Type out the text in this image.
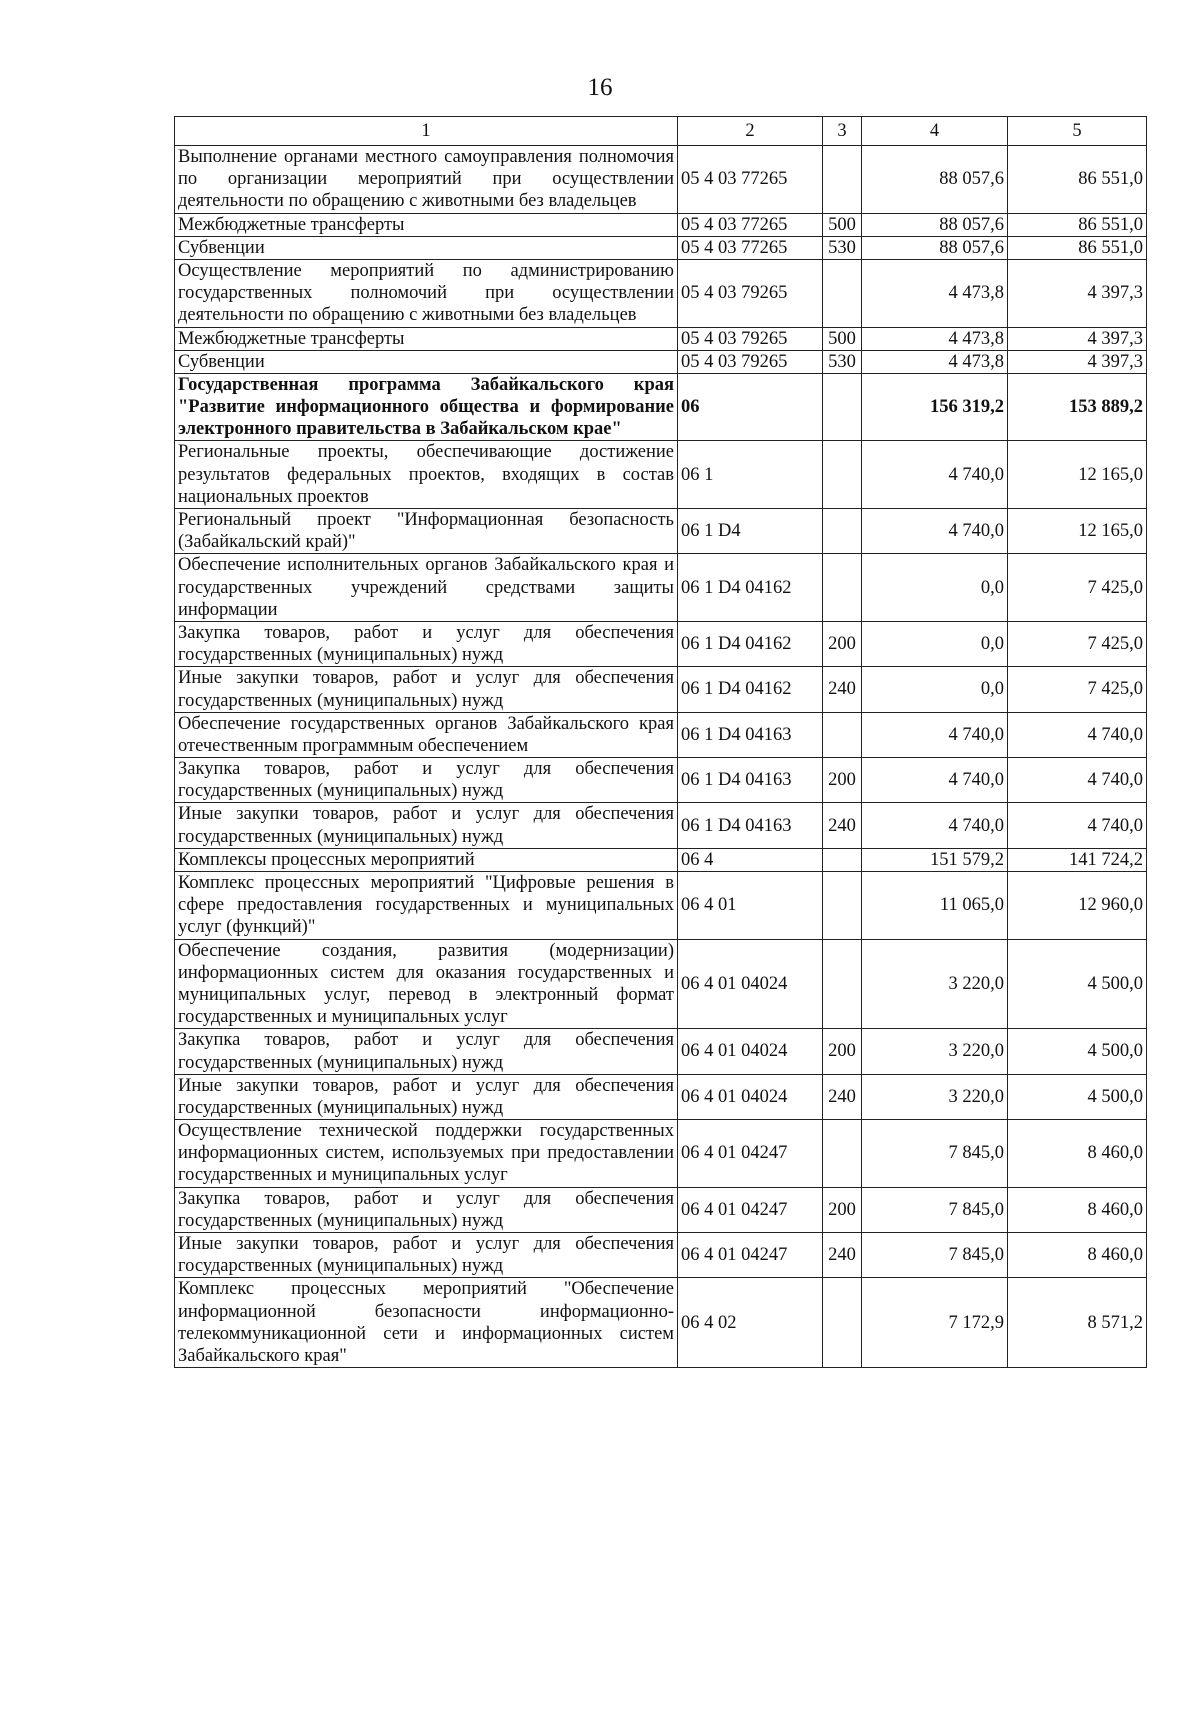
16
1	2	3	4	5
Выполнение органами местного самоуправления полномочия по организации мероприятий при осуществлении деятельности по обращению с животными без владельцев	05 4 03 77265		88 057,6	86 551,0
Межбюджетные трансферты	05 4 03 77265	500	88 057,6	86 551,0
Субвенции	05 4 03 77265	530	88 057,6	86 551,0
Осуществление мероприятий по администрированию государственных полномочий при осуществлении деятельности по обращению с животными без владельцев	05 4 03 79265		4 473,8	4 397,3
Межбюджетные трансферты	05 4 03 79265	500	4 473,8	4 397,3
Субвенции	05 4 03 79265	530	4 473,8	4 397,3
Государственная программа Забайкальского края "Развитие информационного общества и формирование электронного правительства в Забайкальском крае"	06		156 319,2	153 889,2
Региональные проекты, обеспечивающие достижение результатов федеральных проектов, входящих в состав национальных проектов	06 1		4 740,0	12 165,0
Региональный проект "Информационная безопасность (Забайкальский край)"	06 1 D4		4 740,0	12 165,0
Обеспечение исполнительных органов Забайкальского края и государственных учреждений средствами защиты информации	06 1 D4 04162		0,0	7 425,0
Закупка товаров, работ и услуг для обеспечения государственных (муниципальных) нужд	06 1 D4 04162	200	0,0	7 425,0
Иные закупки товаров, работ и услуг для обеспечения государственных (муниципальных) нужд	06 1 D4 04162	240	0,0	7 425,0
Обеспечение государственных органов Забайкальского края отечественным программным обеспечением	06 1 D4 04163		4 740,0	4 740,0
Закупка товаров, работ и услуг для обеспечения государственных (муниципальных) нужд	06 1 D4 04163	200	4 740,0	4 740,0
Иные закупки товаров, работ и услуг для обеспечения государственных (муниципальных) нужд	06 1 D4 04163	240	4 740,0	4 740,0
Комплексы процессных мероприятий	06 4		151 579,2	141 724,2
Комплекс процессных мероприятий "Цифровые решения в сфере предоставления государственных и муниципальных услуг (функций)"	06 4 01		11 065,0	12 960,0
Обеспечение создания, развития (модернизации) информационных систем для оказания государственных и муниципальных услуг, перевод в электронный формат государственных и муниципальных услуг	06 4 01 04024		3 220,0	4 500,0
Закупка товаров, работ и услуг для обеспечения государственных (муниципальных) нужд	06 4 01 04024	200	3 220,0	4 500,0
Иные закупки товаров, работ и услуг для обеспечения государственных (муниципальных) нужд	06 4 01 04024	240	3 220,0	4 500,0
Осуществление технической поддержки государственных информационных систем, используемых при предоставлении государственных и муниципальных услуг	06 4 01 04247		7 845,0	8 460,0
Закупка товаров, работ и услуг для обеспечения государственных (муниципальных) нужд	06 4 01 04247	200	7 845,0	8 460,0
Иные закупки товаров, работ и услуг для обеспечения государственных (муниципальных) нужд	06 4 01 04247	240	7 845,0	8 460,0
Комплекс процессных мероприятий "Обеспечение информационной безопасности информационно-телекоммуникационной сети и информационных систем Забайкальского края"	06 4 02		7 172,9	8 571,2
